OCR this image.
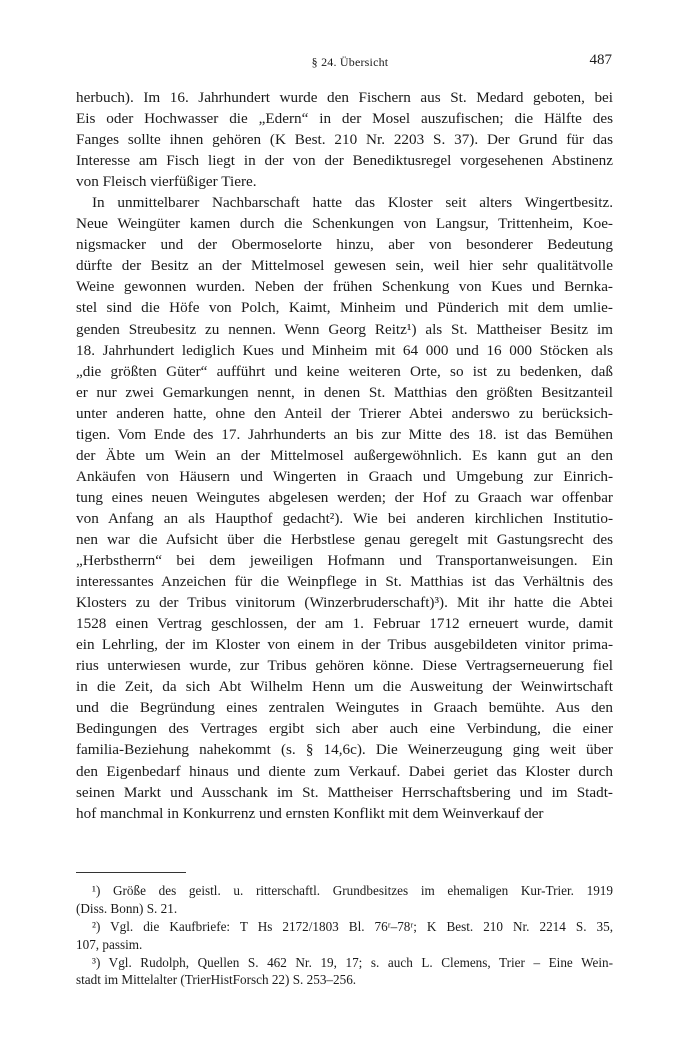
§ 24. Übersicht	487
herbuch). Im 16. Jahrhundert wurde den Fischern aus St. Medard geboten, bei
Eis oder Hochwasser die „Edern“ in der Mosel auszufischen; die Hälfte des
Fanges sollte ihnen gehören (K Best. 210 Nr. 2203 S. 37). Der Grund für das
Interesse am Fisch liegt in der von der Benediktusregel vorgesehenen Abstinenz
von Fleisch vierfüßiger Tiere.
In unmittelbarer Nachbarschaft hatte das Kloster seit alters Wingertbesitz.
Neue Weingüter kamen durch die Schenkungen von Langsur, Trittenheim, Koe-
nigsmacker und der Obermoselorte hinzu, aber von besonderer Bedeutung
dürfte der Besitz an der Mittelmosel gewesen sein, weil hier sehr qualitätvolle
Weine gewonnen wurden. Neben der frühen Schenkung von Kues und Bernka-
stel sind die Höfe von Polch, Kaimt, Minheim und Pünderich mit dem umlie-
genden Streubesitz zu nennen. Wenn Georg Reitz¹) als St. Mattheiser Besitz im
18. Jahrhundert lediglich Kues und Minheim mit 64 000 und 16 000 Stöcken als
„die größten Güter“ aufführt und keine weiteren Orte, so ist zu bedenken, daß
er nur zwei Gemarkungen nennt, in denen St. Matthias den größten Besitzanteil
unter anderen hatte, ohne den Anteil der Trierer Abtei anderswo zu berücksich-
tigen. Vom Ende des 17. Jahrhunderts an bis zur Mitte des 18. ist das Bemühen
der Äbte um Wein an der Mittelmosel außergewöhnlich. Es kann gut an den
Ankäufen von Häusern und Wingerten in Graach und Umgebung zur Einrich-
tung eines neuen Weingutes abgelesen werden; der Hof zu Graach war offenbar
von Anfang an als Haupthof gedacht²). Wie bei anderen kirchlichen Institutio-
nen war die Aufsicht über die Herbstlese genau geregelt mit Gastungsrecht des
„Herbstherrn“ bei dem jeweiligen Hofmann und Transportanweisungen. Ein
interessantes Anzeichen für die Weinpflege in St. Matthias ist das Verhältnis des
Klosters zu der Tribus vinitorum (Winzerbruderschaft)³). Mit ihr hatte die Abtei
1528 einen Vertrag geschlossen, der am 1. Februar 1712 erneuert wurde, damit
ein Lehrling, der im Kloster von einem in der Tribus ausgebildeten vinitor prima-
rius unterwiesen wurde, zur Tribus gehören könne. Diese Vertragserneuerung fiel
in die Zeit, da sich Abt Wilhelm Henn um die Ausweitung der Weinwirtschaft
und die Begründung eines zentralen Weingutes in Graach bemühte. Aus den
Bedingungen des Vertrages ergibt sich aber auch eine Verbindung, die einer
familia-Beziehung nahekommt (s. § 14,6c). Die Weinerzeugung ging weit über
den Eigenbedarf hinaus und diente zum Verkauf. Dabei geriet das Kloster durch
seinen Markt und Ausschank im St. Mattheiser Herrschaftsbering und im Stadt-
hof manchmal in Konkurrenz und ernsten Konflikt mit dem Weinverkauf der
¹) Größe des geistl. u. ritterschaftl. Grundbesitzes im ehemaligen Kur-Trier. 1919
(Diss. Bonn) S. 21.
²) Vgl. die Kaufbriefe: T Hs 2172/1803 Bl. 76ʳ–78ʳ; K Best. 210 Nr. 2214 S. 35,
107, passim.
³) Vgl. Rudolph, Quellen S. 462 Nr. 19, 17; s. auch L. Clemens, Trier – Eine Wein-
stadt im Mittelalter (TrierHistForsch 22) S. 253–256.
